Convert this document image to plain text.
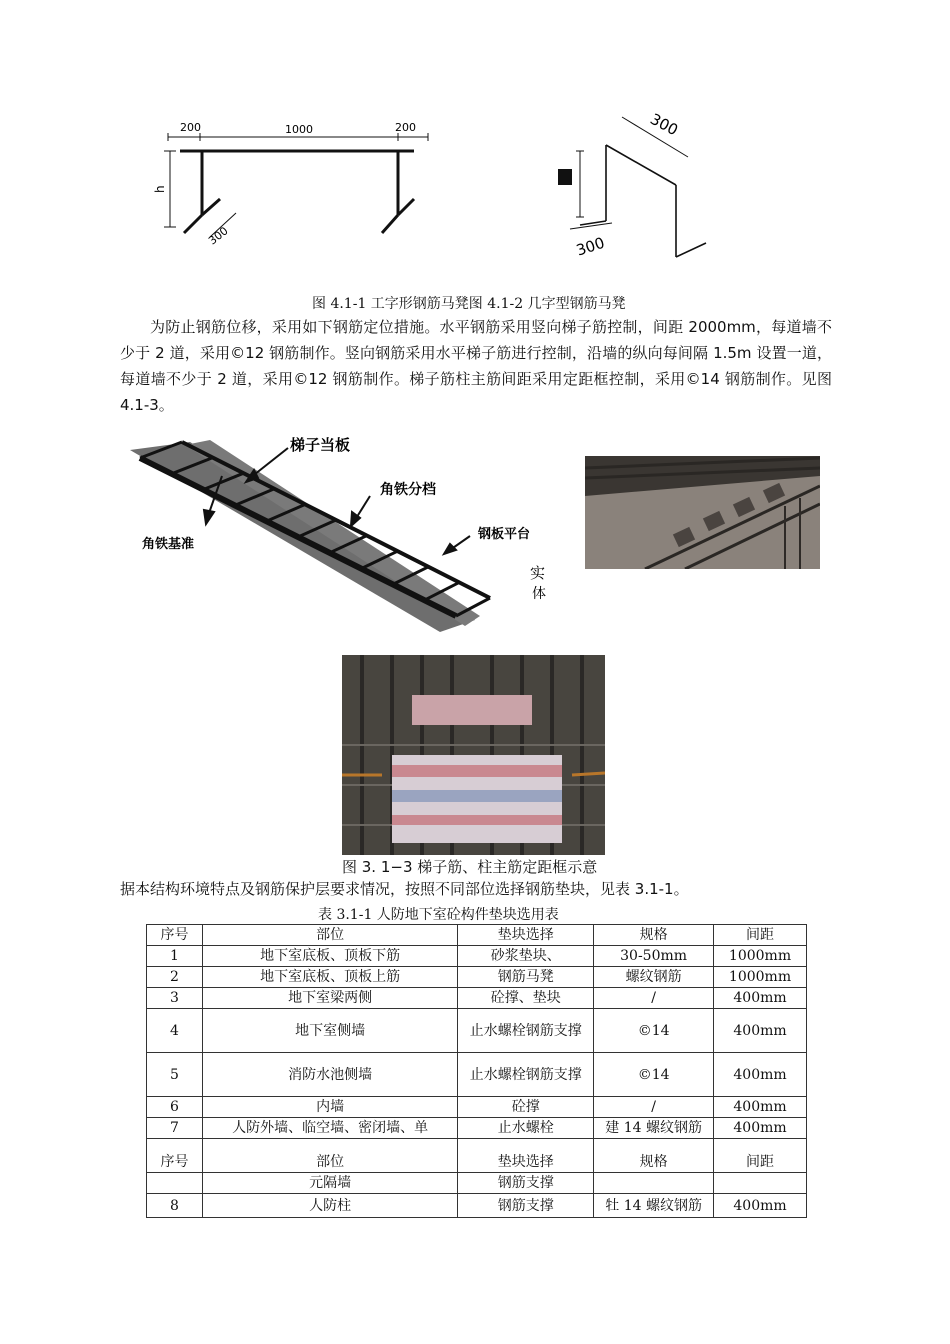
200	1000	200
h
300
300
300
图 4.1-1 工字形钢筋马凳图 4.1-2 几字型钢筋马凳

为防止钢筋位移，采用如下钢筋定位措施。水平钢筋采用竖向梯子筋控制，间距 2000mm，每道墙不少于 2 道，采用©12 钢筋制作。竖向钢筋采用水平梯子筋进行控制，沿墙的纵向每间隔 1.5m 设置一道，每道墙不少于 2 道，采用©12 钢筋制作。梯子筋柱主筋间距采用定距框控制，采用©14 钢筋制作。见图 4.1-3。

梯子当板
角铁分档
角铁基准
钢板平台
实
体
图 3. 1−3 梯子筋、柱主筋定距框示意

据本结构环境特点及钢筋保护层要求情况，按照不同部位选择钢筋垫块，见表 3.1-1。

表 3.1-1 人防地下室砼构件垫块选用表
序号	部位	垫块选择	规格	间距
1	地下室底板、顶板下筋	砂浆垫块、	30-50mm	1000mm
2	地下室底板、顶板上筋	钢筋马凳	螺纹钢筋	1000mm
3	地下室梁两侧	砼撑、垫块	/	400mm
4	地下室侧墙	止水螺栓钢筋支撑	©14	400mm
5	消防水池侧墙	止水螺栓钢筋支撑	©14	400mm
6	内墙	砼撑	/	400mm
7	人防外墙、临空墙、密闭墙、单	止水螺栓	建 14 螺纹钢筋	400mm
序号	部位	垫块选择	规格	间距
	元隔墙	钢筋支撑		
8	人防柱	钢筋支撑	牡 14 螺纹钢筋	400mm
